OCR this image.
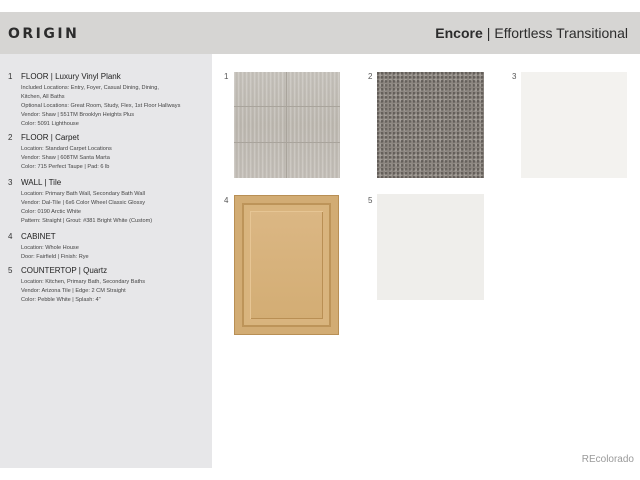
ORIGIN	Encore | Effortless Transitional
1 FLOOR | Luxury Vinyl Plank
Included Locations: Entry, Foyer, Casual Dining, Dining,
Kitchen, All Baths
Optional Locations: Great Room, Study, Flex, 1st Floor Hallways
Vendor: Shaw | 551TM Brooklyn Heights Plus
Color: 5091 Lighthouse
2 FLOOR | Carpet
Location: Standard Carpet Locations
Vendor: Shaw | 608TM Santa Marta
Color: 715 Perfect Taupe | Pad: 6 lb
3 WALL | Tile
Location: Primary Bath Wall, Secondary Bath Wall
Vendor: Dal-Tile | 6x6 Color Wheel Classic Glossy
Color: 0190 Arctic White
Pattern: Straight | Grout: #381 Bright White (Custom)
4 CABINET
Location: Whole House
Door: Fairfield | Finish: Rye
5 COUNTERTOP | Quartz
Location: Kitchen, Primary Bath, Secondary Baths
Vendor: Arizona Tile | Edge: 2 CM Straight
Color: Pebble White | Splash: 4"
1	2	3
4	5
REcolorado
